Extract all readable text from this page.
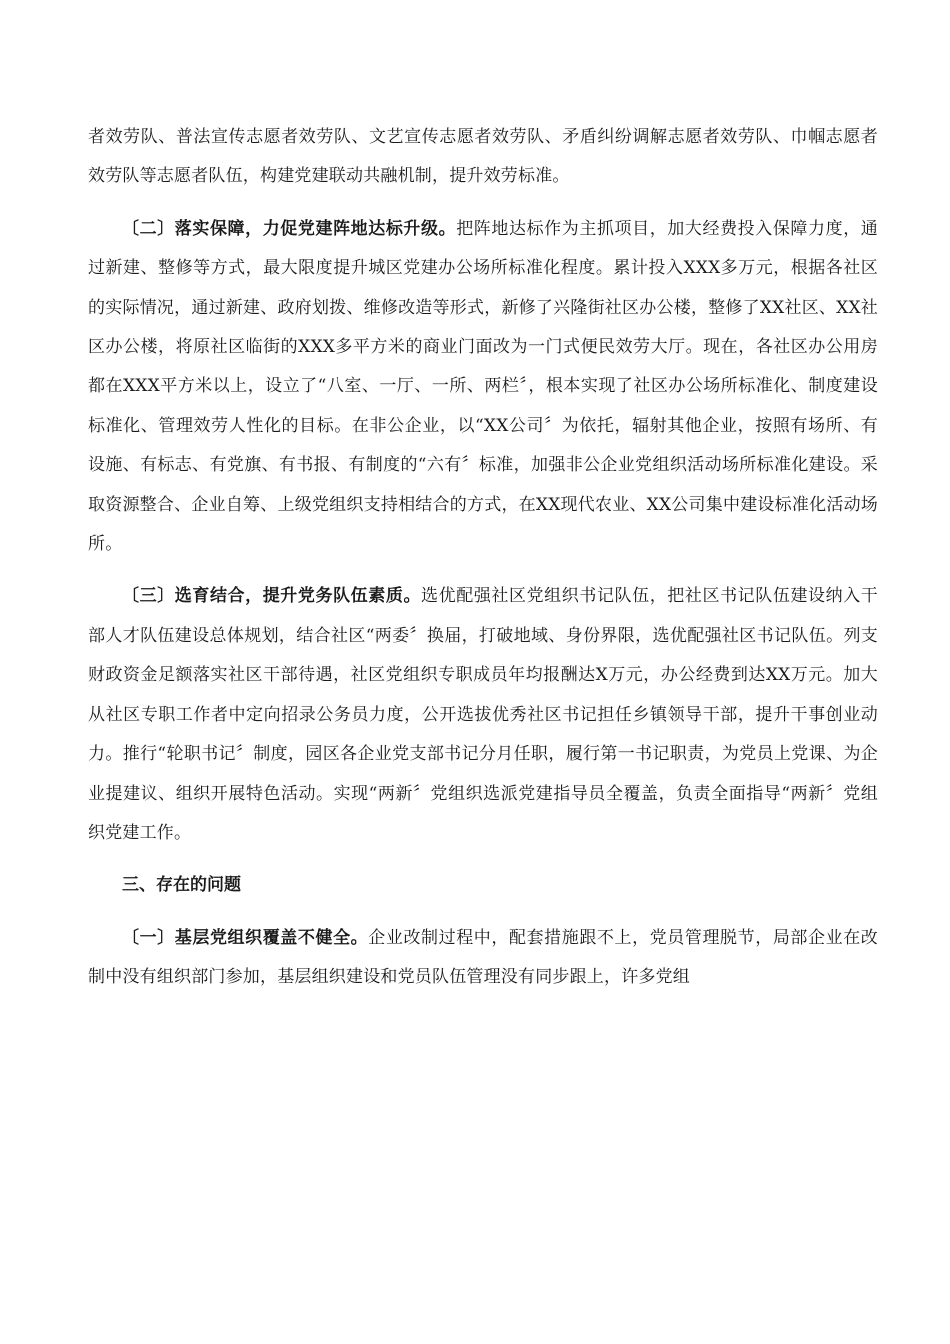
者效劳队、普法宣传志愿者效劳队、文艺宣传志愿者效劳队、矛盾纠纷调解志愿者效劳队、巾帼志愿者效劳队等志愿者队伍，构建党建联动共融机制，提升效劳标准。

〔二〕落实保障，力促党建阵地达标升级。把阵地达标作为主抓项目，加大经费投入保障力度，通过新建、整修等方式，最大限度提升城区党建办公场所标准化程度。累计投入XXX多万元，根据各社区的实际情况，通过新建、政府划拨、维修改造等形式，新修了兴隆街社区办公楼，整修了XX社区、XX社区办公楼，将原社区临街的XXX多平方米的商业门面改为一门式便民效劳大厅。现在，各社区办公用房都在XXX平方米以上，设立了“八室、一厅、一所、两栏〞，根本实现了社区办公场所标准化、制度建设标准化、管理效劳人性化的目标。在非公企业，以“XX公司〞为依托，辐射其他企业，按照有场所、有设施、有标志、有党旗、有书报、有制度的“六有〞标准，加强非公企业党组织活动场所标准化建设。采取资源整合、企业自筹、上级党组织支持相结合的方式，在XX现代农业、XX公司集中建设标准化活动场所。

〔三〕选育结合，提升党务队伍素质。选优配强社区党组织书记队伍，把社区书记队伍建设纳入干部人才队伍建设总体规划，结合社区“两委〞换届，打破地域、身份界限，选优配强社区书记队伍。列支财政资金足额落实社区干部待遇，社区党组织专职成员年均报酬达X万元，办公经费到达XX万元。加大从社区专职工作者中定向招录公务员力度，公开选拔优秀社区书记担任乡镇领导干部，提升干事创业动力。推行“轮职书记〞制度，园区各企业党支部书记分月任职，履行第一书记职责，为党员上党课、为企业提建议、组织开展特色活动。实现“两新〞党组织选派党建指导员全覆盖，负责全面指导“两新〞党组织党建工作。

三、存在的问题

〔一〕基层党组织覆盖不健全。企业改制过程中，配套措施跟不上，党员管理脱节，局部企业在改制中没有组织部门参加，基层组织建设和党员队伍管理没有同步跟上，许多党组
